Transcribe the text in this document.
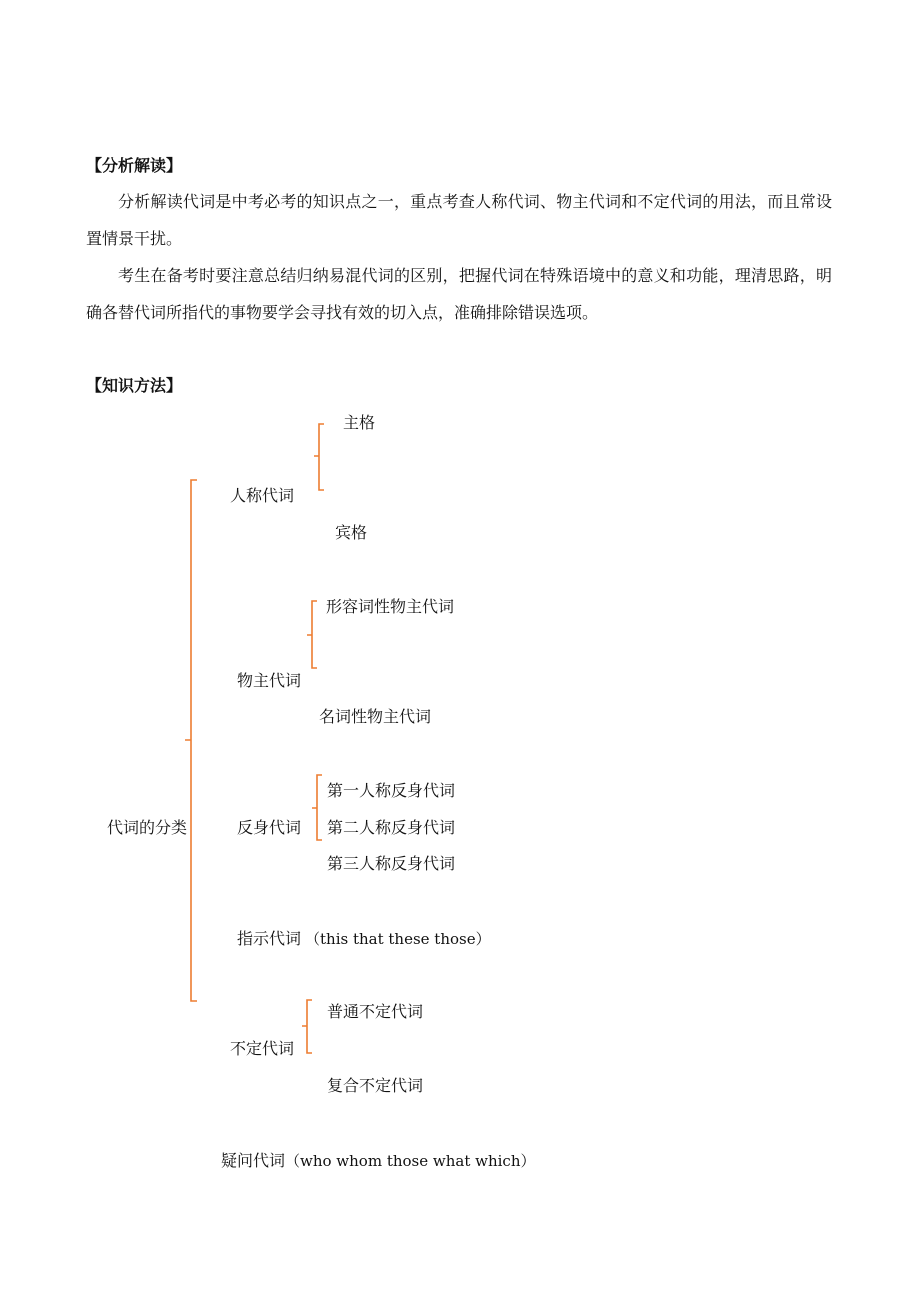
【分析解读】

分析解读代词是中考必考的知识点之一，重点考查人称代词、物主代词和不定代词的用法，而且常设置情景干扰。

考生在备考时要注意总结归纳易混代词的区别，把握代词在特殊语境中的意义和功能，理清思路，明确各替代词所指代的事物要学会寻找有效的切入点，准确排除错误选项。

【知识方法】
代词的分类
人称代词
主格
宾格
物主代词
形容词性物主代词
名词性物主代词
反身代词
第一人称反身代词
第二人称反身代词
第三人称反身代词
指示代词 （this that these those）
不定代词
普通不定代词
复合不定代词
疑问代词 （who whom those what which）
